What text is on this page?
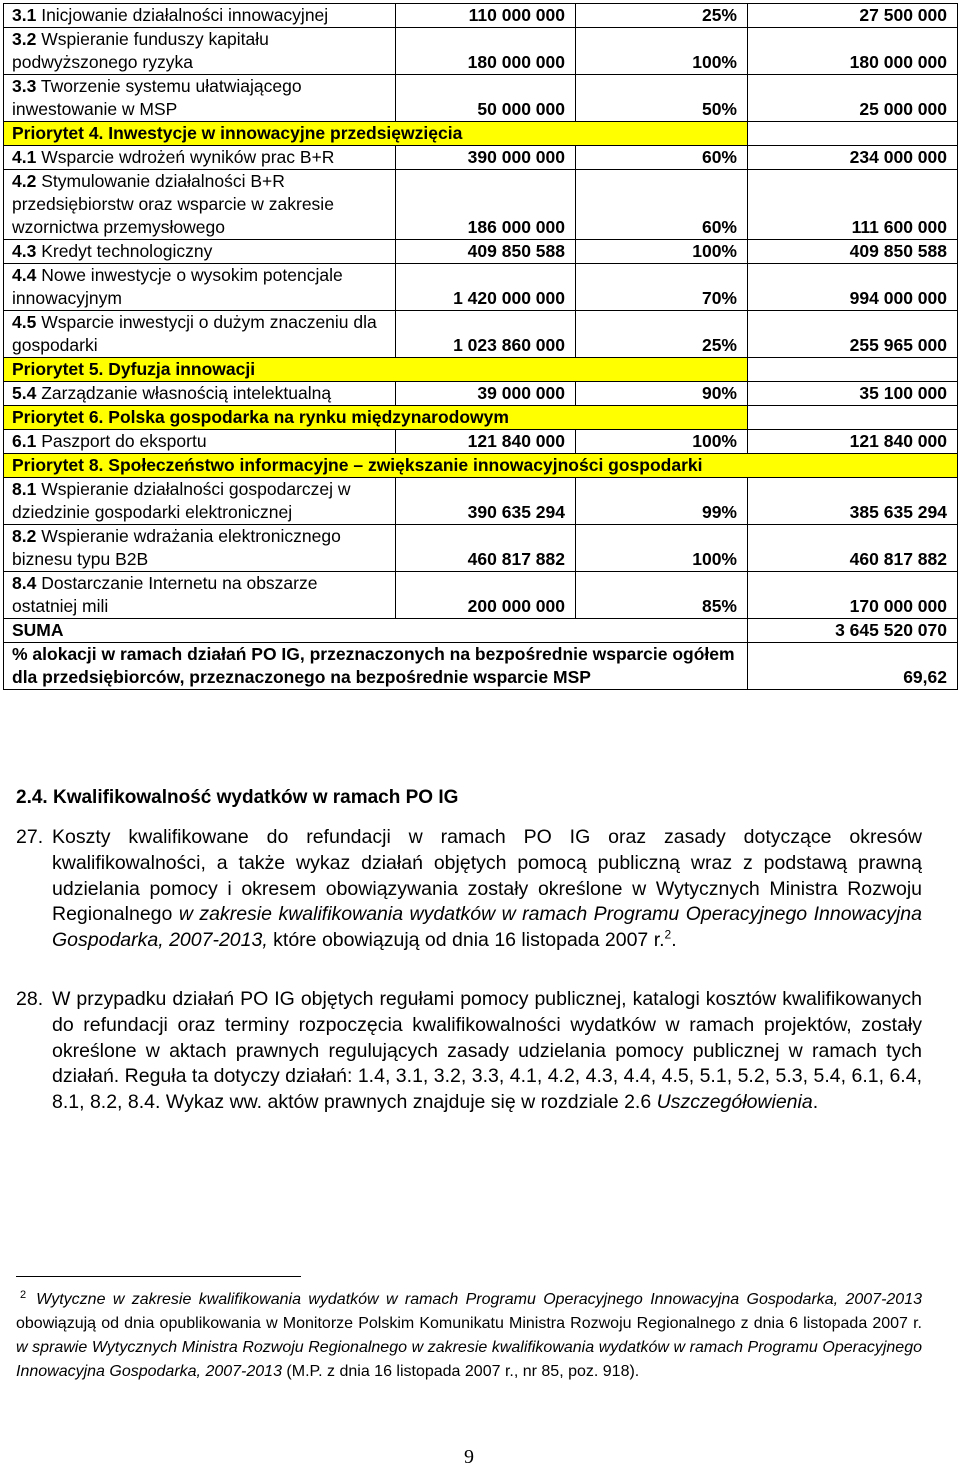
3.1 Inicjowanie działalności innowacyjnej	110 000 000	25%	27 500 000
3.2 Wspieranie funduszy kapitału podwyższonego ryzyka	180 000 000	100%	180 000 000
3.3 Tworzenie systemu ułatwiającego inwestowanie w MSP	50 000 000	50%	25 000 000
Priorytet 4. Inwestycje w innowacyjne przedsięwzięcia			
4.1 Wsparcie wdrożeń wyników prac B+R	390 000 000	60%	234 000 000
4.2 Stymulowanie działalności B+R przedsiębiorstw oraz wsparcie w zakresie wzornictwa przemysłowego	186 000 000	60%	111 600 000
4.3 Kredyt technologiczny	409 850 588	100%	409 850 588
4.4 Nowe inwestycje o wysokim potencjale innowacyjnym	1 420 000 000	70%	994 000 000
4.5 Wsparcie inwestycji o dużym znaczeniu dla gospodarki	1 023 860 000	25%	255 965 000
Priorytet 5. Dyfuzja innowacji			
5.4 Zarządzanie własnością intelektualną	39 000 000	90%	35 100 000
Priorytet 6. Polska gospodarka na rynku międzynarodowym			
6.1 Paszport do eksportu	121 840 000	100%	121 840 000
Priorytet 8. Społeczeństwo informacyjne – zwiększanie innowacyjności gospodarki			
8.1 Wspieranie działalności gospodarczej w dziedzinie gospodarki elektronicznej	390 635 294	99%	385 635 294
8.2 Wspieranie wdrażania elektronicznego biznesu typu B2B	460 817 882	100%	460 817 882
8.4 Dostarczanie Internetu na obszarze ostatniej mili	200 000 000	85%	170 000 000
SUMA			3 645 520 070
% alokacji w ramach działań PO IG, przeznaczonych na bezpośrednie wsparcie ogółem dla przedsiębiorców, przeznaczonego na bezpośrednie wsparcie MSP			69,62
2.4. Kwalifikowalność wydatków w ramach PO IG
27. Koszty kwalifikowane do refundacji w ramach PO IG oraz zasady dotyczące okresów kwalifikowalności, a także wykaz działań objętych pomocą publiczną wraz z podstawą prawną udzielania pomocy i okresem obowiązywania zostały określone w Wytycznych Ministra Rozwoju Regionalnego w zakresie kwalifikowania wydatków w ramach Programu Operacyjnego Innowacyjna Gospodarka, 2007-2013, które obowiązują od dnia 16 listopada 2007 r.$^2$.
28. W przypadku działań PO IG objętych regułami pomocy publicznej, katalogi kosztów kwalifikowanych do refundacji oraz terminy rozpoczęcia kwalifikowalności wydatków w ramach projektów, zostały określone w aktach prawnych regulujących zasady udzielania pomocy publicznej w ramach tych działań. Reguła ta dotyczy działań: 1.4, 3.1, 3.2, 3.3, 4.1, 4.2, 4.3, 4.4, 4.5, 5.1, 5.2, 5.3, 5.4, 6.1, 6.4, 8.1, 8.2, 8.4. Wykaz ww. aktów prawnych znajduje się w rozdziale 2.6 Uszczegółowienia.
$^2$ Wytyczne w zakresie kwalifikowania wydatków w ramach Programu Operacyjnego Innowacyjna Gospodarka, 2007-2013 obowiązują od dnia opublikowania w Monitorze Polskim Komunikatu Ministra Rozwoju Regionalnego z dnia 6 listopada 2007 r. w sprawie Wytycznych Ministra Rozwoju Regionalnego w zakresie kwalifikowania wydatków w ramach Programu Operacyjnego Innowacyjna Gospodarka, 2007-2013 (M.P. z dnia 16 listopada 2007 r., nr 85, poz. 918).
9
